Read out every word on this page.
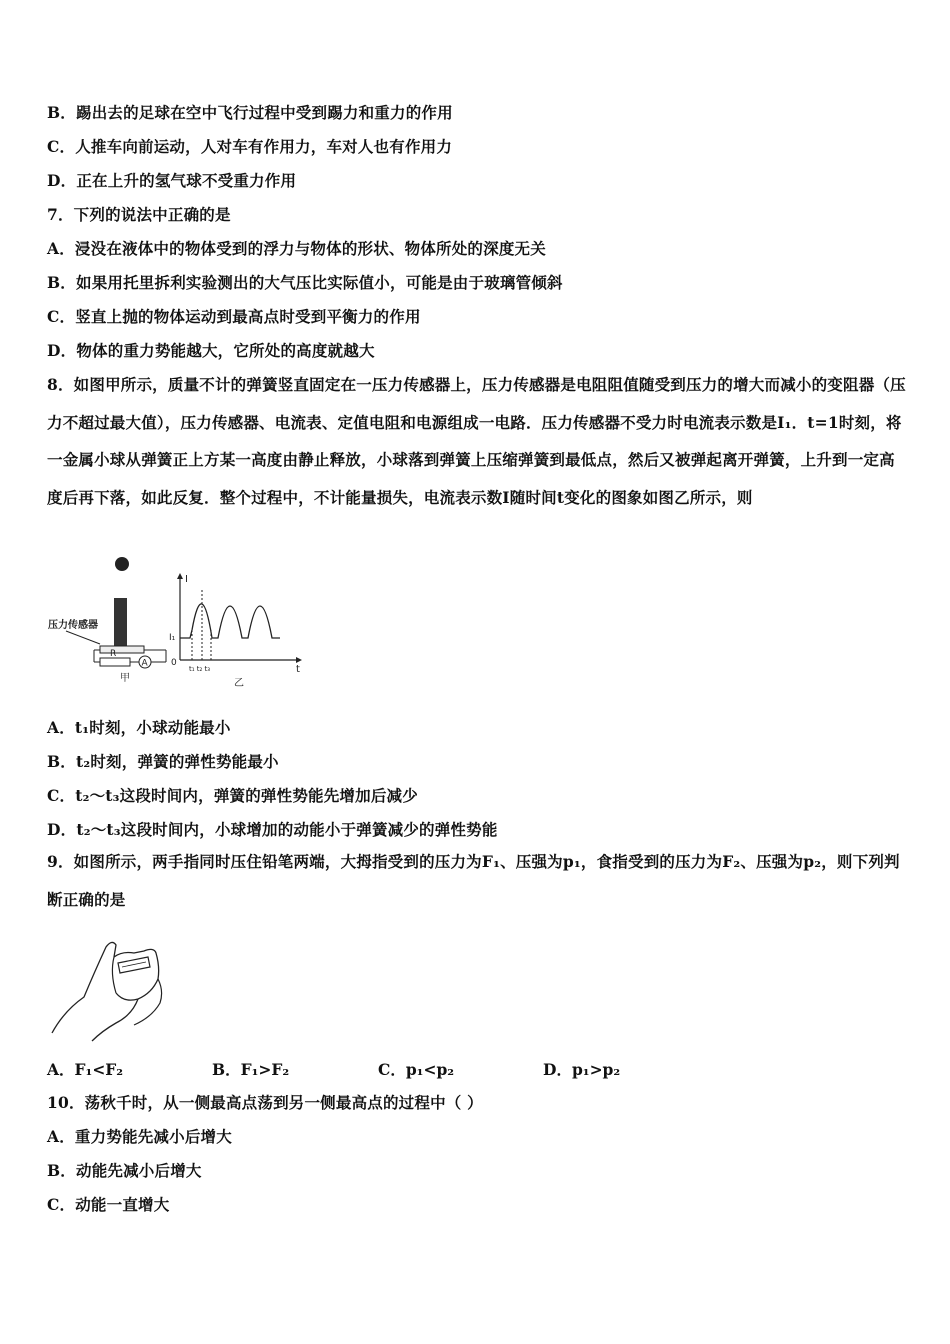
B．踢出去的足球在空中飞行过程中受到踢力和重力的作用
C．人推车向前运动，人对车有作用力，车对人也有作用力
D．正在上升的氢气球不受重力作用
7．下列的说法中正确的是
A．浸没在液体中的物体受到的浮力与物体的形状、物体所处的深度无关
B．如果用托里拆利实验测出的大气压比实际值小，可能是由于玻璃管倾斜
C．竖直上抛的物体运动到最高点时受到平衡力的作用
D．物体的重力势能越大，它所处的高度就越大
8．如图甲所示，质量不计的弹簧竖直固定在一压力传感器上，压力传感器是电阻阻值随受到压力的增大而减小的变阻器（压力不超过最大值），压力传感器、电流表、定值电阻和电源组成一电路．压力传感器不受力时电流表示数是I₁．t=1时刻，将一金属小球从弹簧正上方某一高度由静止释放，小球落到弹簧上压缩弹簧到最低点，然后又被弹起离开弹簧，上升到一定高度后再下落，如此反复．整个过程中，不计能量损失，电流表示数I随时间t变化的图象如图乙所示，则
压力传感器
R
A
甲
I
t
0
I₁
t₁ t₂ t₃
乙
A．t₁时刻，小球动能最小
B．t₂时刻，弹簧的弹性势能最小
C．t₂～t₃这段时间内，弹簧的弹性势能先增加后减少
D．t₂～t₃这段时间内，小球增加的动能小于弹簧减少的弹性势能
9．如图所示，两手指同时压住铅笔两端，大拇指受到的压力为F₁、压强为p₁，食指受到的压力为F₂、压强为p₂，则下列判断正确的是
A．F₁<F₂	B．F₁>F₂	C．p₁<p₂	D．p₁>p₂
10．荡秋千时，从一侧最高点荡到另一侧最高点的过程中（ ）
A．重力势能先减小后增大
B．动能先减小后增大
C．动能一直增大
